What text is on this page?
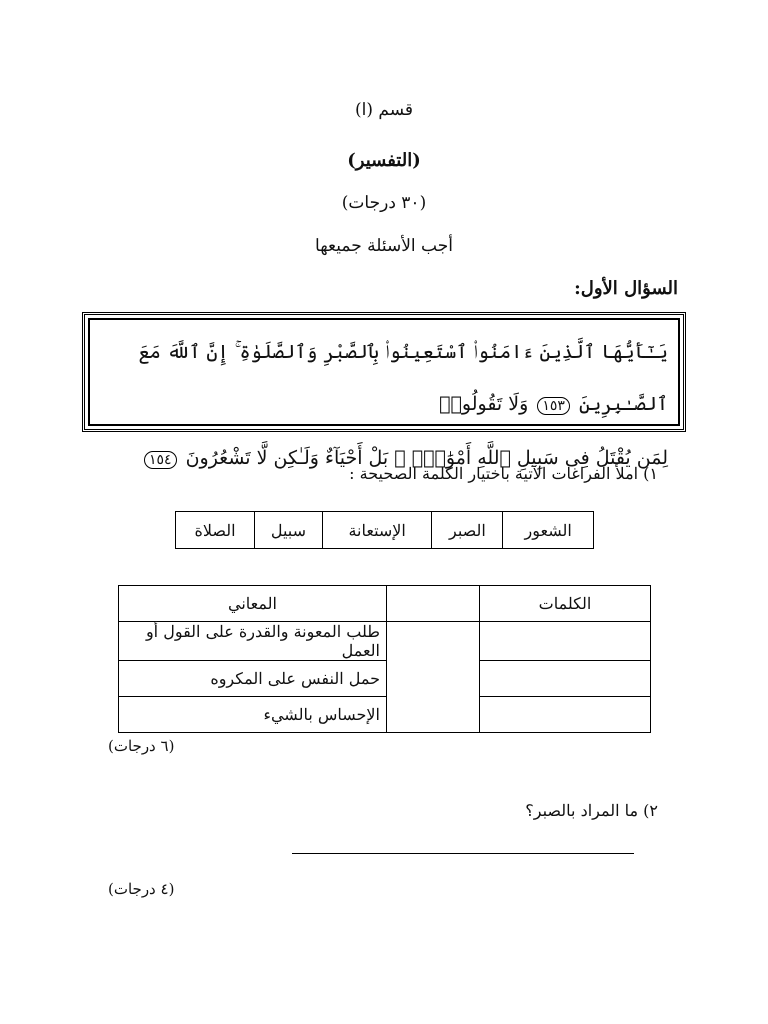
قسم (ا)
(التفسير)
(٣٠ درجات)
أجب الأسئلة جميعها
السؤال الأول:
يَـٰٓأَيُّهَا ٱلَّذِينَ ءَامَنُوا۟ ٱسْتَعِينُوا۟ بِٱلصَّبْرِ وَٱلصَّلَوٰةِ ۚ إِنَّ ٱللَّهَ مَعَ ٱلصَّـٰبِرِينَ ١٥٣ وَلَا تَقُولُوا۟
لِمَن يُقْتَلُ فِى سَبِيلِ ٱللَّهِ أَمْوَٰتٌۢ ۚ بَلْ أَحْيَآءٌ وَلَـٰكِن لَّا تَشْعُرُونَ ١٥٤
١) املأ الفراغات الآتية باختيار الكلمة الصحيحة :
الشعور	الصبر	الإستعانة	سبيل	الصلاة
الكلمات		المعاني
		طلب المعونة والقدرة على القول أو العمل
		حمل النفس على المكروه
		الإحساس بالشيء
(٦ درجات)
٢) ما المراد بالصبر؟
(٤ درجات)
